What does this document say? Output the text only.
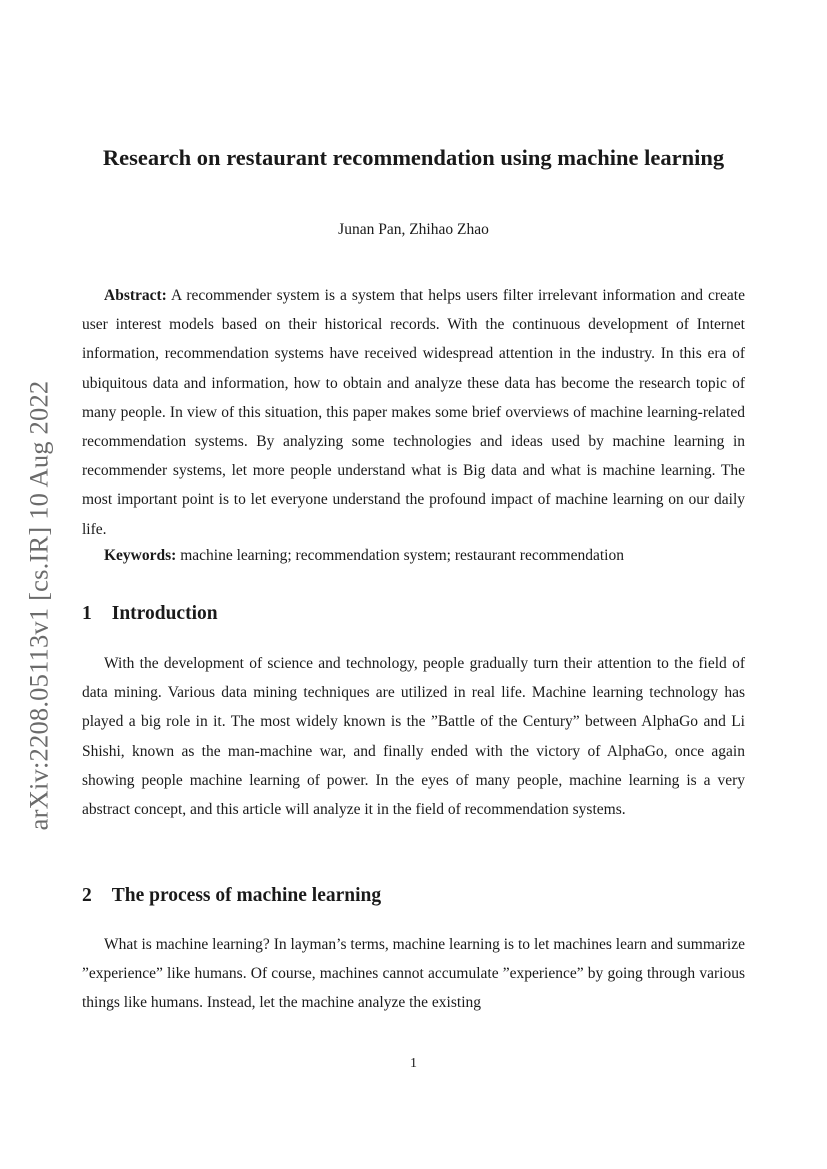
arXiv:2208.05113v1 [cs.IR] 10 Aug 2022
Research on restaurant recommendation using machine learning
Junan Pan, Zhihao Zhao

Abstract: A recommender system is a system that helps users filter irrelevant information and create user interest models based on their historical records. With the continuous development of Internet information, recommendation systems have received widespread attention in the industry. In this era of ubiquitous data and information, how to obtain and analyze these data has become the research topic of many people. In view of this situation, this paper makes some brief overviews of machine learning-related recommendation systems. By analyzing some technologies and ideas used by machine learning in recommender systems, let more people understand what is Big data and what is machine learning. The most important point is to let everyone understand the profound impact of machine learning on our daily life.

Keywords: machine learning; recommendation system; restaurant recommendation

1 Introduction

With the development of science and technology, people gradually turn their attention to the field of data mining. Various data mining techniques are utilized in real life. Machine learning technology has played a big role in it. The most widely known is the ”Battle of the Century” between AlphaGo and Li Shishi, known as the man-machine war, and finally ended with the victory of AlphaGo, once again showing people machine learning of power. In the eyes of many people, machine learning is a very abstract concept, and this article will analyze it in the field of recommendation systems.

2 The process of machine learning

What is machine learning? In layman’s terms, machine learning is to let machines learn and summarize ”experience” like humans. Of course, machines cannot accumulate ”experience” by going through various things like humans. Instead, let the machine analyze the existing

1
